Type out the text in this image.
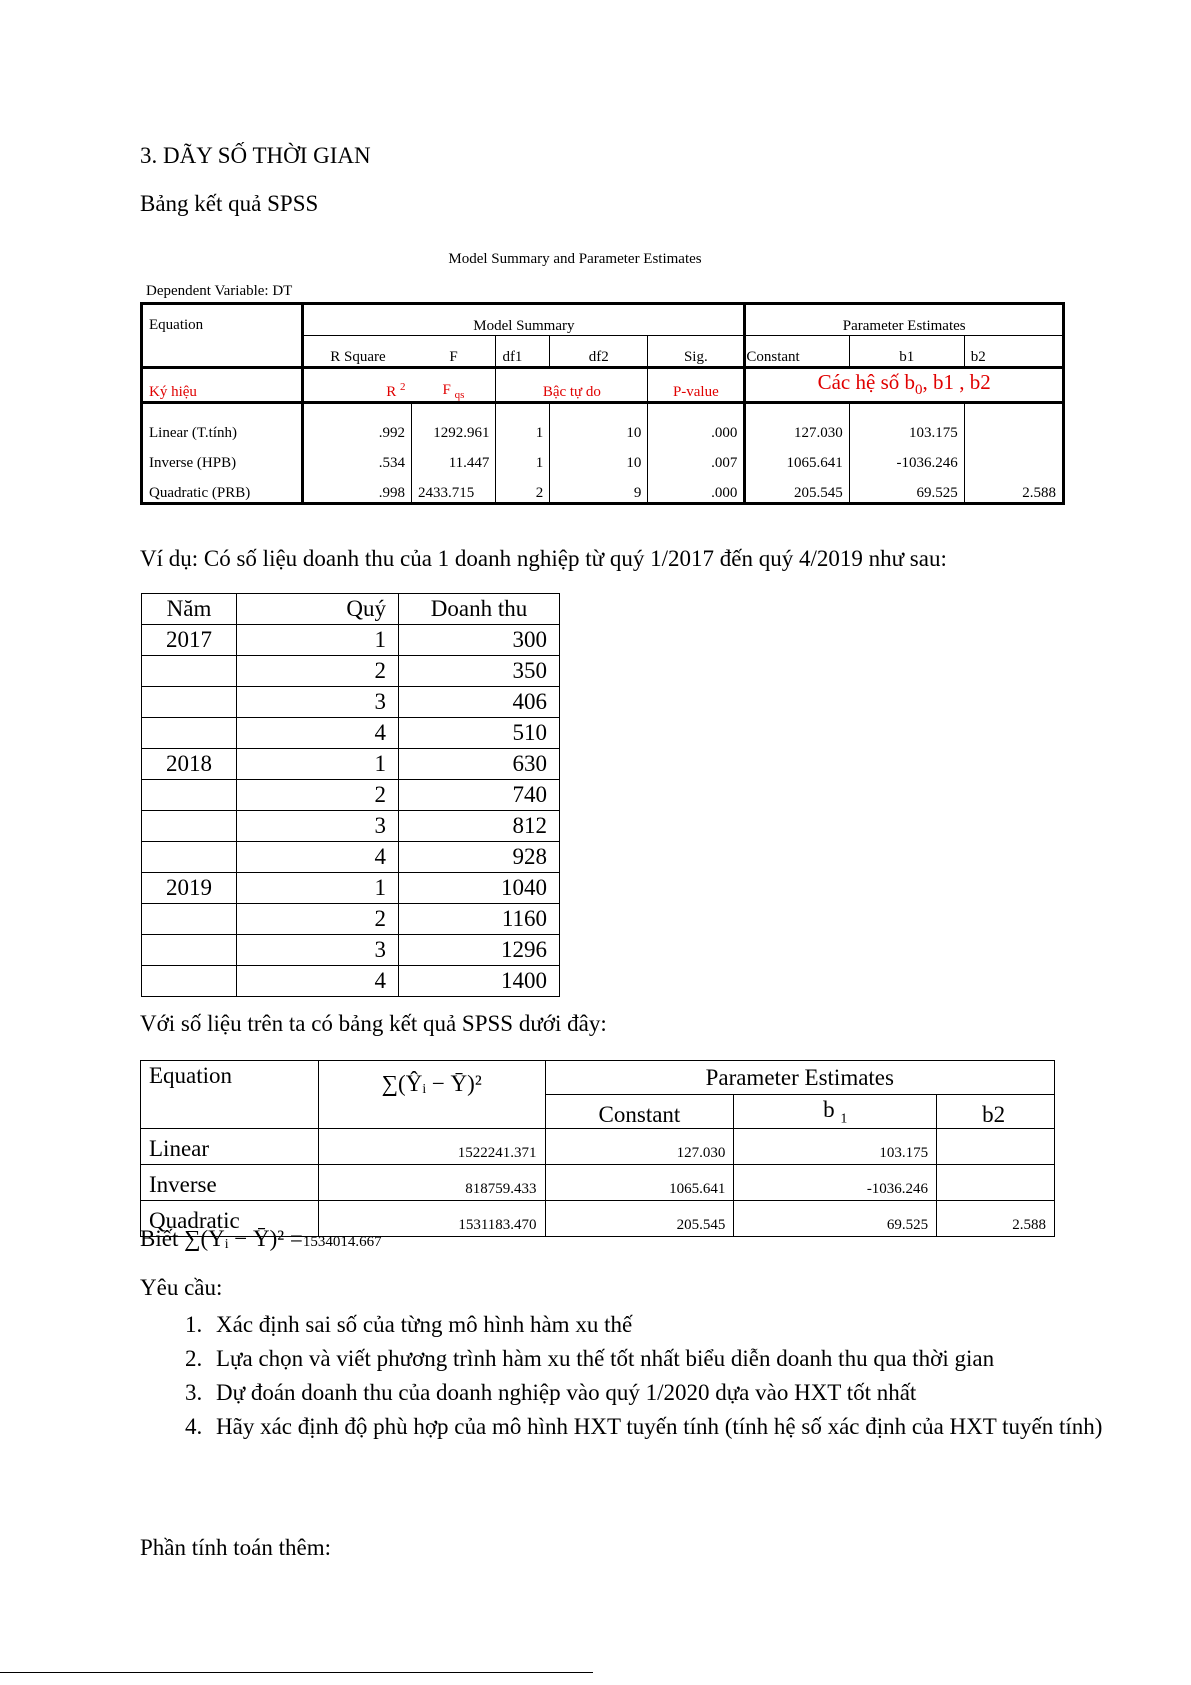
3. DÃY SỐ THỜI GIAN
Bảng kết quả SPSS
Model Summary and Parameter Estimates
Dependent Variable: DT
Equation	Model Summary					Parameter Estimates		
	R Square	F	df1	df2	Sig.	Constant	b1	b2
Ký hiệu	R $^2$	F $_{qs}$	Bậc tự do		P-value	Các hệ số $b_0$, b1 , b2		
Linear (T.tính)	.992	1292.961	1	10	.000	127.030	103.175	
Inverse (HPB)	.534	11.447	1	10	.007	1065.641	-1036.246	
Quadratic (PRB)	.998	2433.715	2	9	.000	205.545	69.525	2.588
Ví dụ: Có số liệu doanh thu của 1 doanh nghiệp từ quý 1/2017 đến quý 4/2019 như sau:
Năm	Quý	Doanh thu
2017	1	300
	2	350
	3	406
	4	510
2018	1	630
	2	740
	3	812
	4	928
2019	1	1040
	2	1160
	3	1296
	4	1400
Với số liệu trên ta có bảng kết quả SPSS dưới đây:
Equation	∑(Ŷᵢ − Ȳ)²	Parameter Estimates		
		Constant	b $_1$	b2
Linear	1522241.371	127.030	103.175	
Inverse	818759.433	1065.641	-1036.246	
Quadratic	1531183.470	205.545	69.525	2.588
Biết ∑(Yᵢ − Ȳ)² =1534014.667
Yêu cầu:
1. Xác định sai số của từng mô hình hàm xu thế
2. Lựa chọn và viết phương trình hàm xu thế tốt nhất biểu diễn doanh thu qua thời gian
3. Dự đoán doanh thu của doanh nghiệp vào quý 1/2020 dựa vào HXT tốt nhất
4. Hãy xác định độ phù hợp của mô hình HXT tuyến tính (tính hệ số xác định của HXT tuyến tính)
Phần tính toán thêm:
